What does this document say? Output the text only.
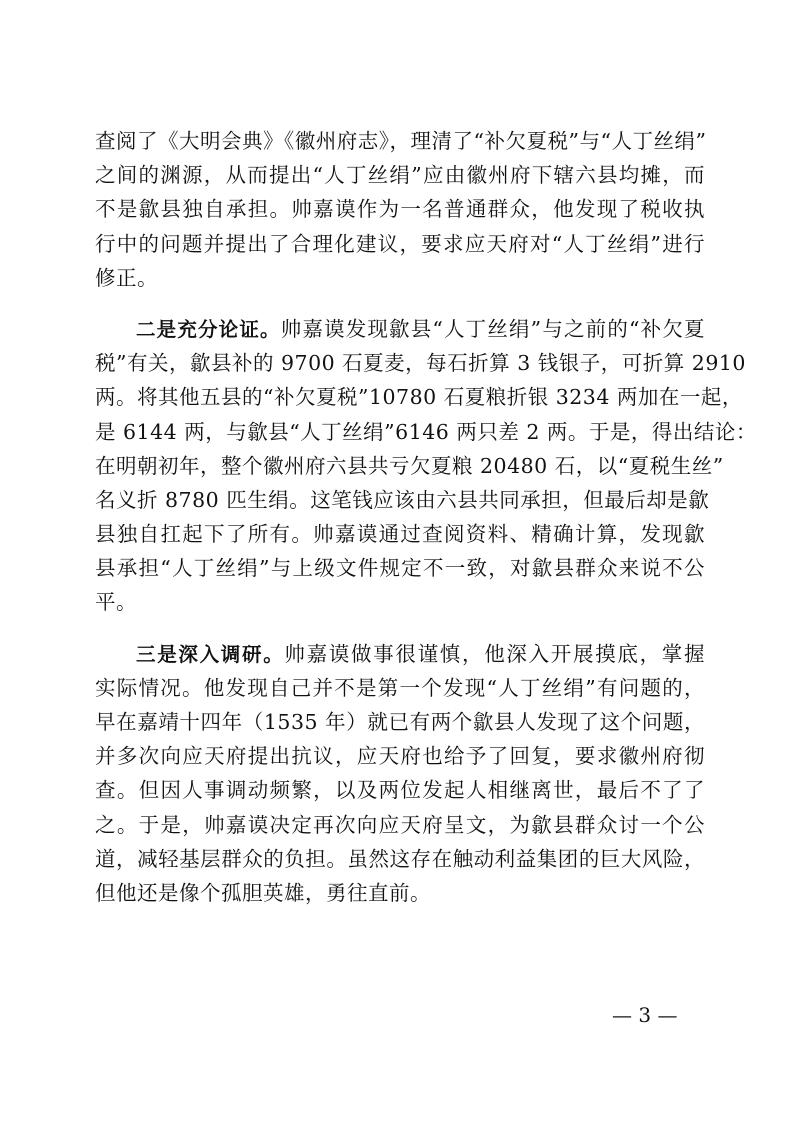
查阅了《大明会典》《徽州府志》，理清了“补欠夏税”与“人丁丝绢”
之间的渊源，从而提出“人丁丝绢”应由徽州府下辖六县均摊，而
不是歙县独自承担。帅嘉谟作为一名普通群众，他发现了税收执
行中的问题并提出了合理化建议，要求应天府对“人丁丝绢”进行
修正。
二是充分论证。帅嘉谟发现歙县“人丁丝绢”与之前的“补欠夏
税”有关，歙县补的 9700 石夏麦，每石折算 3 钱银子，可折算 2910
两。将其他五县的“补欠夏税”10780 石夏粮折银 3234 两加在一起，
是 6144 两，与歙县“人丁丝绢”6146 两只差 2 两。于是，得出结论：
在明朝初年，整个徽州府六县共亏欠夏粮 20480 石，以“夏税生丝”
名义折 8780 匹生绢。这笔钱应该由六县共同承担，但最后却是歙
县独自扛起下了所有。帅嘉谟通过查阅资料、精确计算，发现歙
县承担“人丁丝绢”与上级文件规定不一致，对歙县群众来说不公
平。
三是深入调研。帅嘉谟做事很谨慎，他深入开展摸底，掌握
实际情况。他发现自己并不是第一个发现“人丁丝绢”有问题的，
早在嘉靖十四年（1535 年）就已有两个歙县人发现了这个问题，
并多次向应天府提出抗议，应天府也给予了回复，要求徽州府彻
查。但因人事调动频繁，以及两位发起人相继离世，最后不了了
之。于是，帅嘉谟决定再次向应天府呈文，为歙县群众讨一个公
道，减轻基层群众的负担。虽然这存在触动利益集团的巨大风险，
但他还是像个孤胆英雄，勇往直前。
— 3 —
